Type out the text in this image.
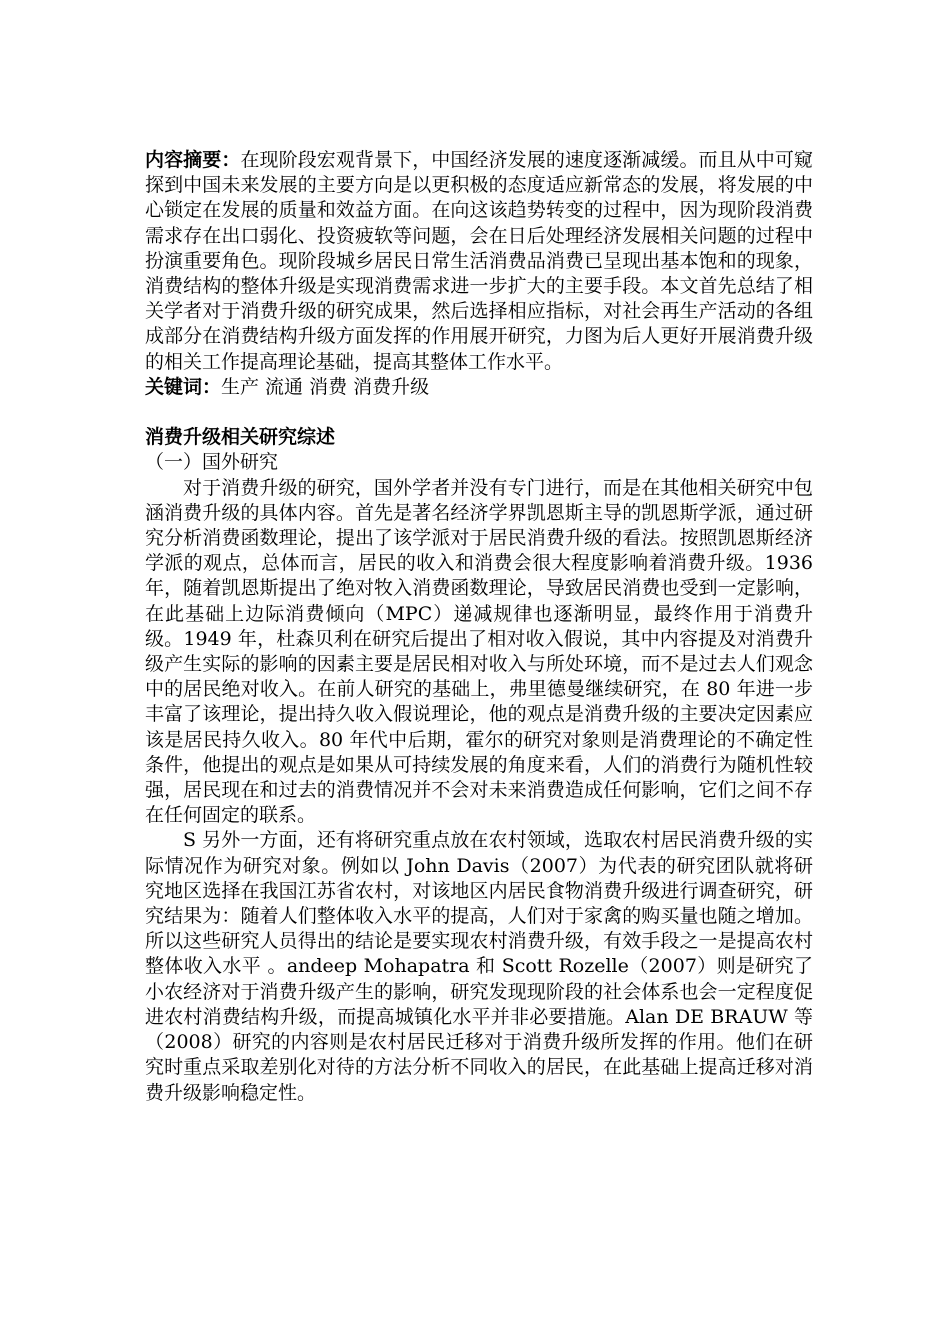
内容摘要：在现阶段宏观背景下，中国经济发展的速度逐渐减缓。而且从中可窥探到中国未来发展的主要方向是以更积极的态度适应新常态的发展，将发展的中心锁定在发展的质量和效益方面。在向这该趋势转变的过程中，因为现阶段消费需求存在出口弱化、投资疲软等问题，会在日后处理经济发展相关问题的过程中扮演重要角色。现阶段城乡居民日常生活消费品消费已呈现出基本饱和的现象，消费结构的整体升级是实现消费需求进一步扩大的主要手段。本文首先总结了相关学者对于消费升级的研究成果，然后选择相应指标，对社会再生产活动的各组成部分在消费结构升级方面发挥的作用展开研究，力图为后人更好开展消费升级的相关工作提高理论基础，提高其整体工作水平。

关键词：生产 流通 消费 消费升级

消费升级相关研究综述

（一）国外研究

对于消费升级的研究，国外学者并没有专门进行，而是在其他相关研究中包涵消费升级的具体内容。首先是著名经济学界凯恩斯主导的凯恩斯学派，通过研究分析消费函数理论，提出了该学派对于居民消费升级的看法。按照凯恩斯经济学派的观点，总体而言，居民的收入和消费会很大程度影响着消费升级。1936 年，随着凯恩斯提出了绝对牧入消费函数理论，导致居民消费也受到一定影响，在此基础上边际消费倾向（MPC）递减规律也逐渐明显，最终作用于消费升级。1949 年，杜森贝利在研究后提出了相对收入假说，其中内容提及对消费升级产生实际的影响的因素主要是居民相对收入与所处环境，而不是过去人们观念中的居民绝对收入。在前人研究的基础上，弗里德曼继续研究，在 80 年进一步丰富了该理论，提出持久收入假说理论，他的观点是消费升级的主要决定因素应该是居民持久收入。80 年代中后期，霍尔的研究对象则是消费理论的不确定性条件，他提出的观点是如果从可持续发展的角度来看，人们的消费行为随机性较强，居民现在和过去的消费情况并不会对未来消费造成任何影响，它们之间不存在任何固定的联系。

S 另外一方面，还有将研究重点放在农村领域，选取农村居民消费升级的实际情况作为研究对象。例如以 John Davis（2007）为代表的研究团队就将研究地区选择在我国江苏省农村，对该地区内居民食物消费升级进行调查研究，研究结果为：随着人们整体收入水平的提高，人们对于家禽的购买量也随之增加。所以这些研究人员得出的结论是要实现农村消费升级，有效手段之一是提高农村整体收入水平 。andeep Mohapatra 和 Scott Rozelle（2007）则是研究了小农经济对于消费升级产生的影响，研究发现现阶段的社会体系也会一定程度促进农村消费结构升级，而提高城镇化水平并非必要措施。Alan DE BRAUW 等（2008）研究的内容则是农村居民迁移对于消费升级所发挥的作用。他们在研究时重点采取差别化对待的方法分析不同收入的居民，在此基础上提高迁移对消费升级影响稳定性。
